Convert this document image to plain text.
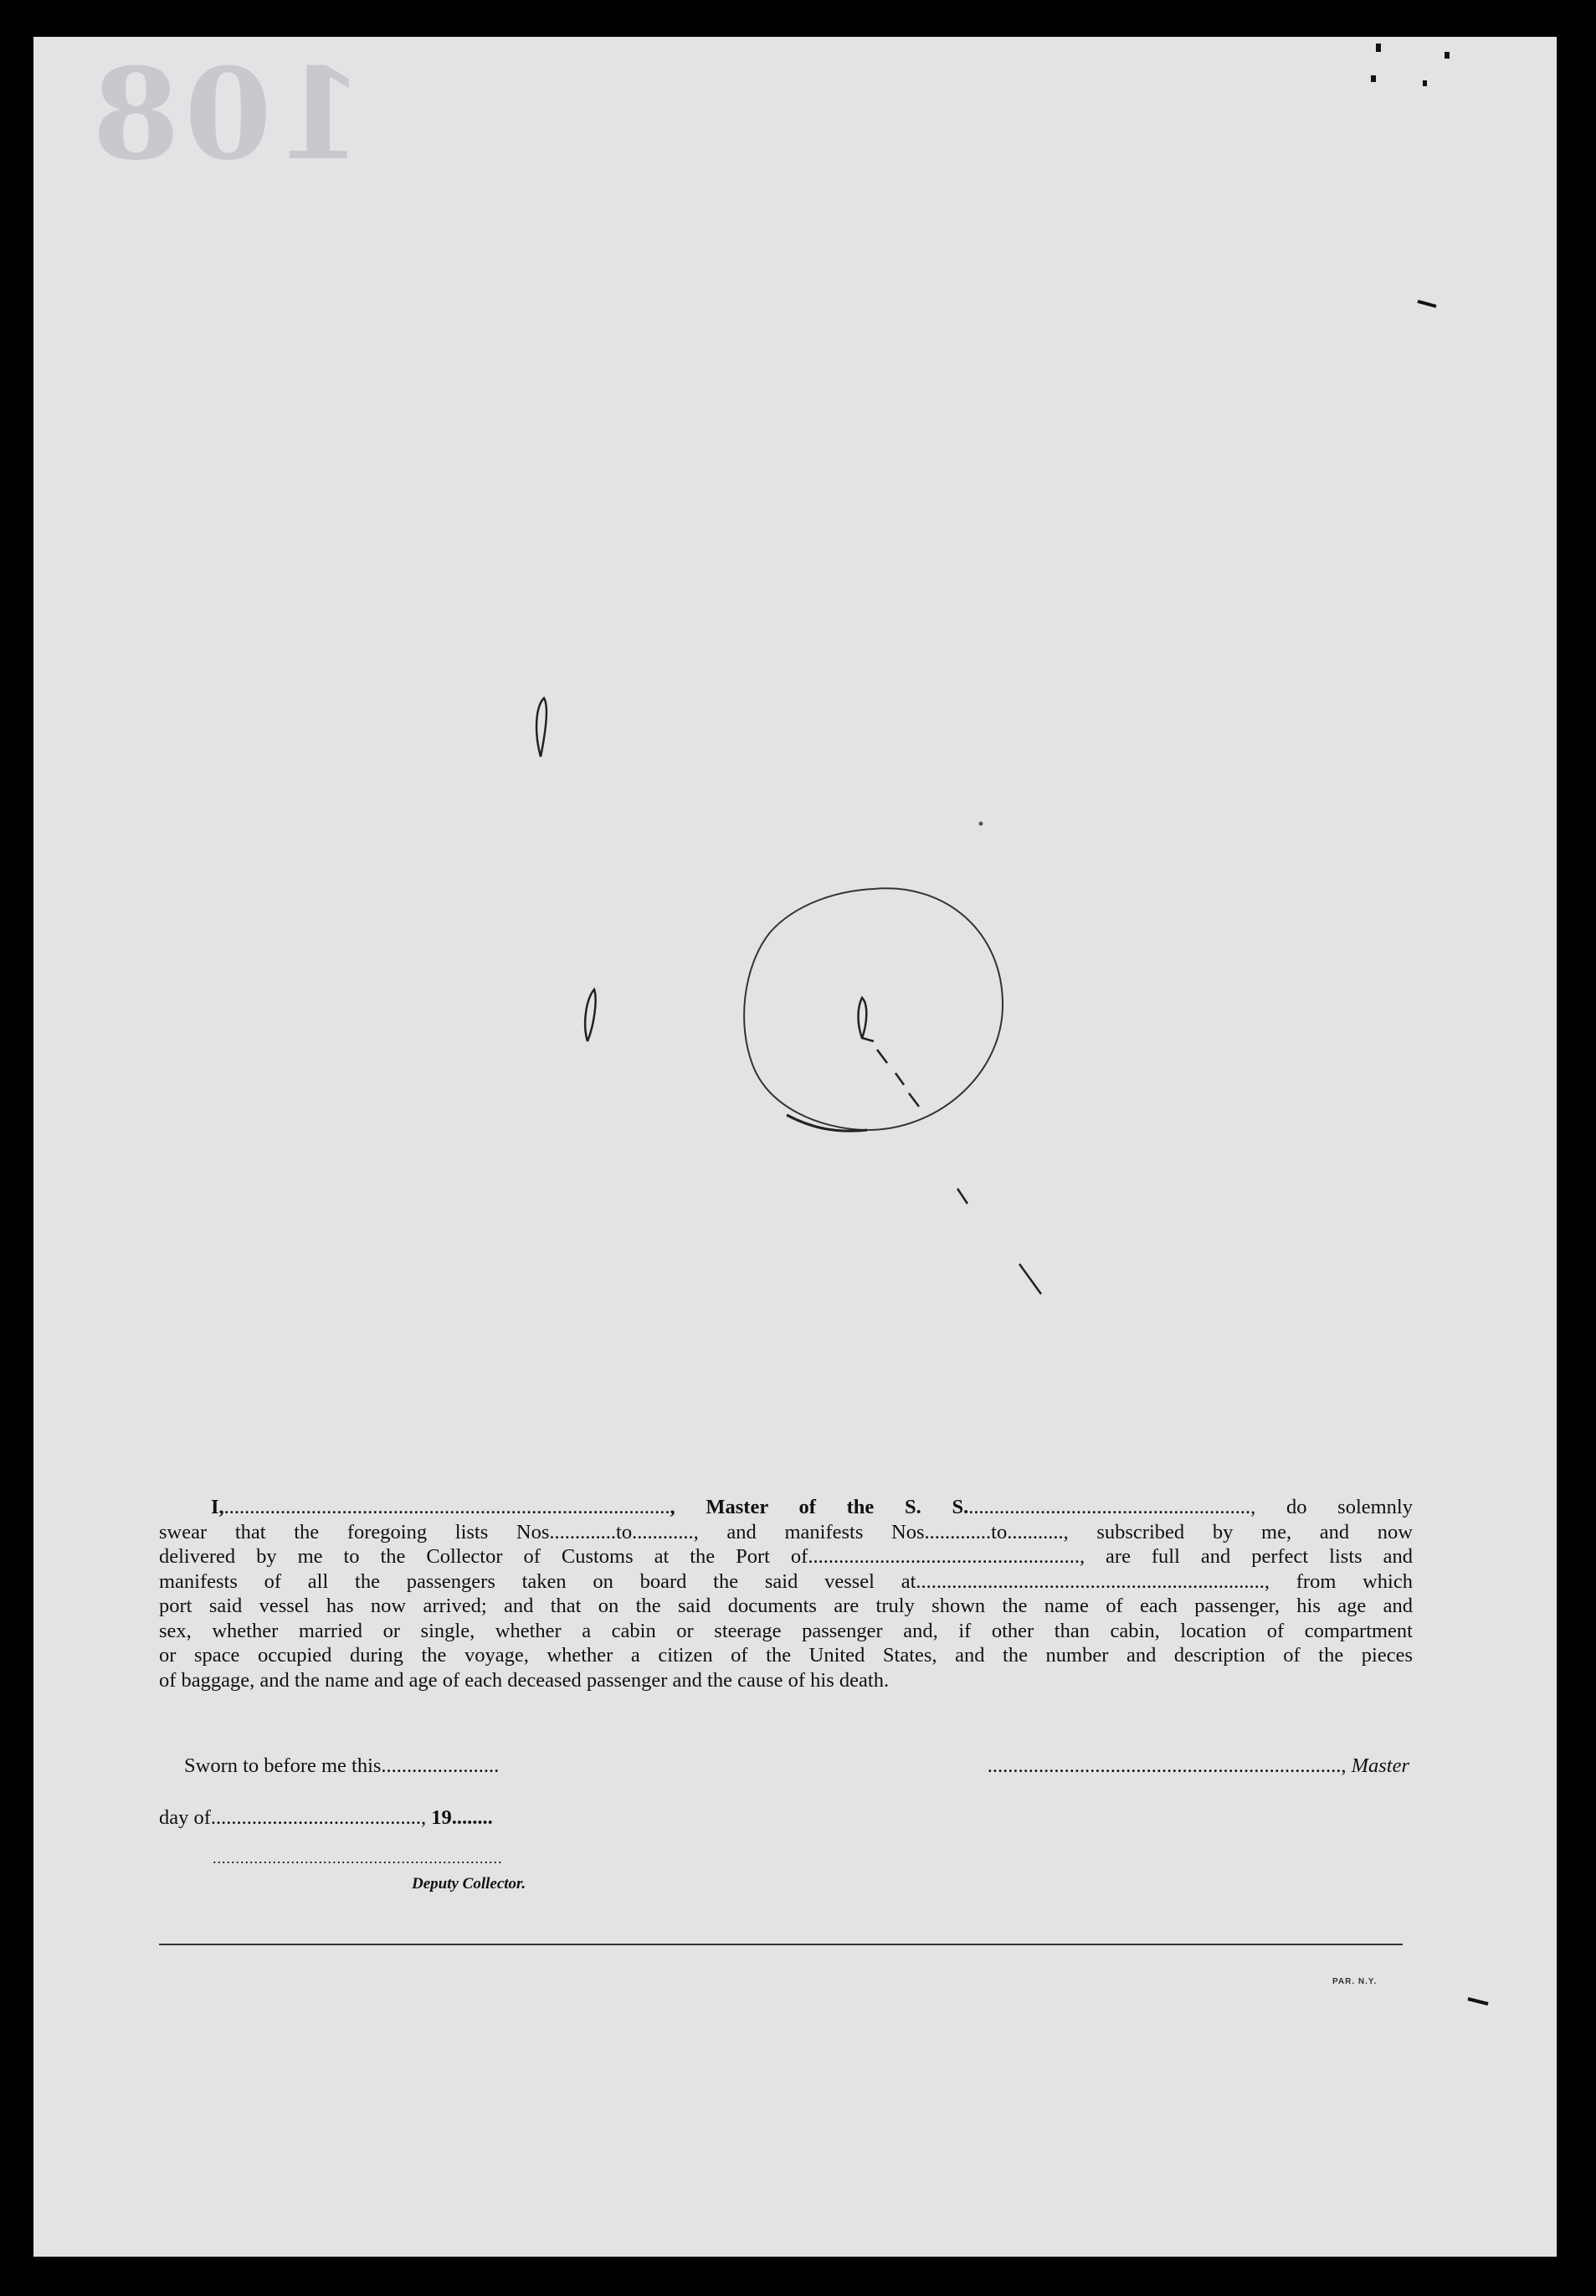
108

I,......................................................................................., Master of the S. S........................................................, do solemnly

swear that the foregoing lists Nos.............to............, and manifests Nos.............to..........., subscribed by me, and now

delivered by me to the Collector of Customs at the Port of....................................................., are full and perfect lists and

manifests of all the passengers taken on board the said vessel at...................................................................., from which

port said vessel has now arrived; and that on the said documents are truly shown the name of each passenger, his age and

sex, whether married or single, whether a cabin or steerage passenger and, if other than cabin, location of compartment

or space occupied during the voyage, whether a citizen of the United States, and the number and description of the pieces

of baggage, and the name and age of each deceased passenger and the cause of his death.

Sworn to before me this.......................	....................................................................., Master
day of........................................., 19........
...............................................................
Deputy Collector.
PAR. N.Y.
